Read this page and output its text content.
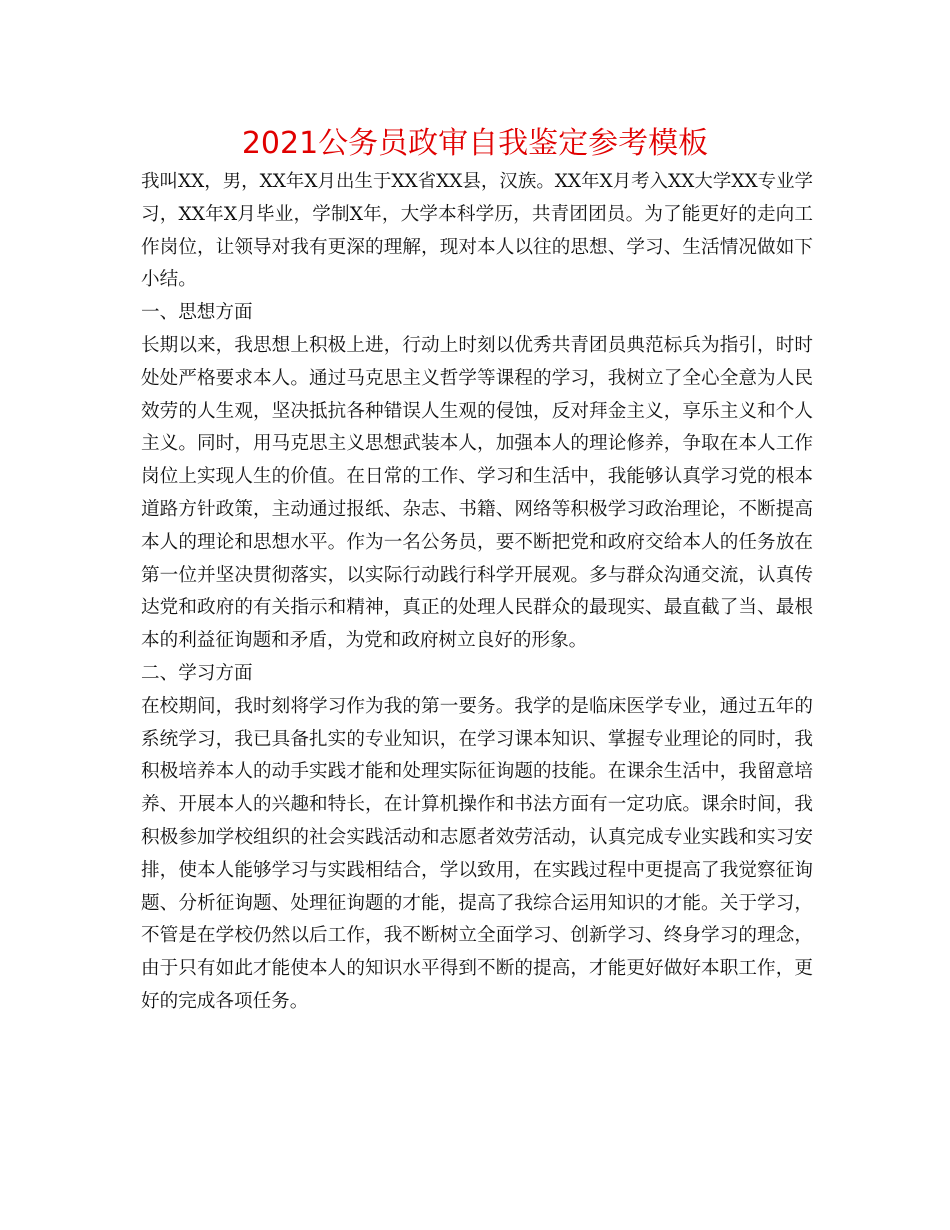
2021公务员政审自我鉴定参考模板
我叫XX，男，XX年X月出生于XX省XX县，汉族。XX年X月考入XX大学XX专业学
习，XX年X月毕业，学制X年，大学本科学历，共青团团员。为了能更好的走向工
作岗位，让领导对我有更深的理解，现对本人以往的思想、学习、生活情况做如下
小结。
一、思想方面
长期以来，我思想上积极上进，行动上时刻以优秀共青团员典范标兵为指引，时时
处处严格要求本人。通过马克思主义哲学等课程的学习，我树立了全心全意为人民
效劳的人生观，坚决抵抗各种错误人生观的侵蚀，反对拜金主义，享乐主义和个人
主义。同时，用马克思主义思想武装本人，加强本人的理论修养，争取在本人工作
岗位上实现人生的价值。在日常的工作、学习和生活中，我能够认真学习党的根本
道路方针政策，主动通过报纸、杂志、书籍、网络等积极学习政治理论，不断提高
本人的理论和思想水平。作为一名公务员，要不断把党和政府交给本人的任务放在
第一位并坚决贯彻落实，以实际行动践行科学开展观。多与群众沟通交流，认真传
达党和政府的有关指示和精神，真正的处理人民群众的最现实、最直截了当、最根
本的利益征询题和矛盾，为党和政府树立良好的形象。
二、学习方面
在校期间，我时刻将学习作为我的第一要务。我学的是临床医学专业，通过五年的
系统学习，我已具备扎实的专业知识，在学习课本知识、掌握专业理论的同时，我
积极培养本人的动手实践才能和处理实际征询题的技能。在课余生活中，我留意培
养、开展本人的兴趣和特长，在计算机操作和书法方面有一定功底。课余时间，我
积极参加学校组织的社会实践活动和志愿者效劳活动，认真完成专业实践和实习安
排，使本人能够学习与实践相结合，学以致用，在实践过程中更提高了我觉察征询
题、分析征询题、处理征询题的才能，提高了我综合运用知识的才能。关于学习，
不管是在学校仍然以后工作，我不断树立全面学习、创新学习、终身学习的理念，
由于只有如此才能使本人的知识水平得到不断的提高，才能更好做好本职工作，更
好的完成各项任务。
